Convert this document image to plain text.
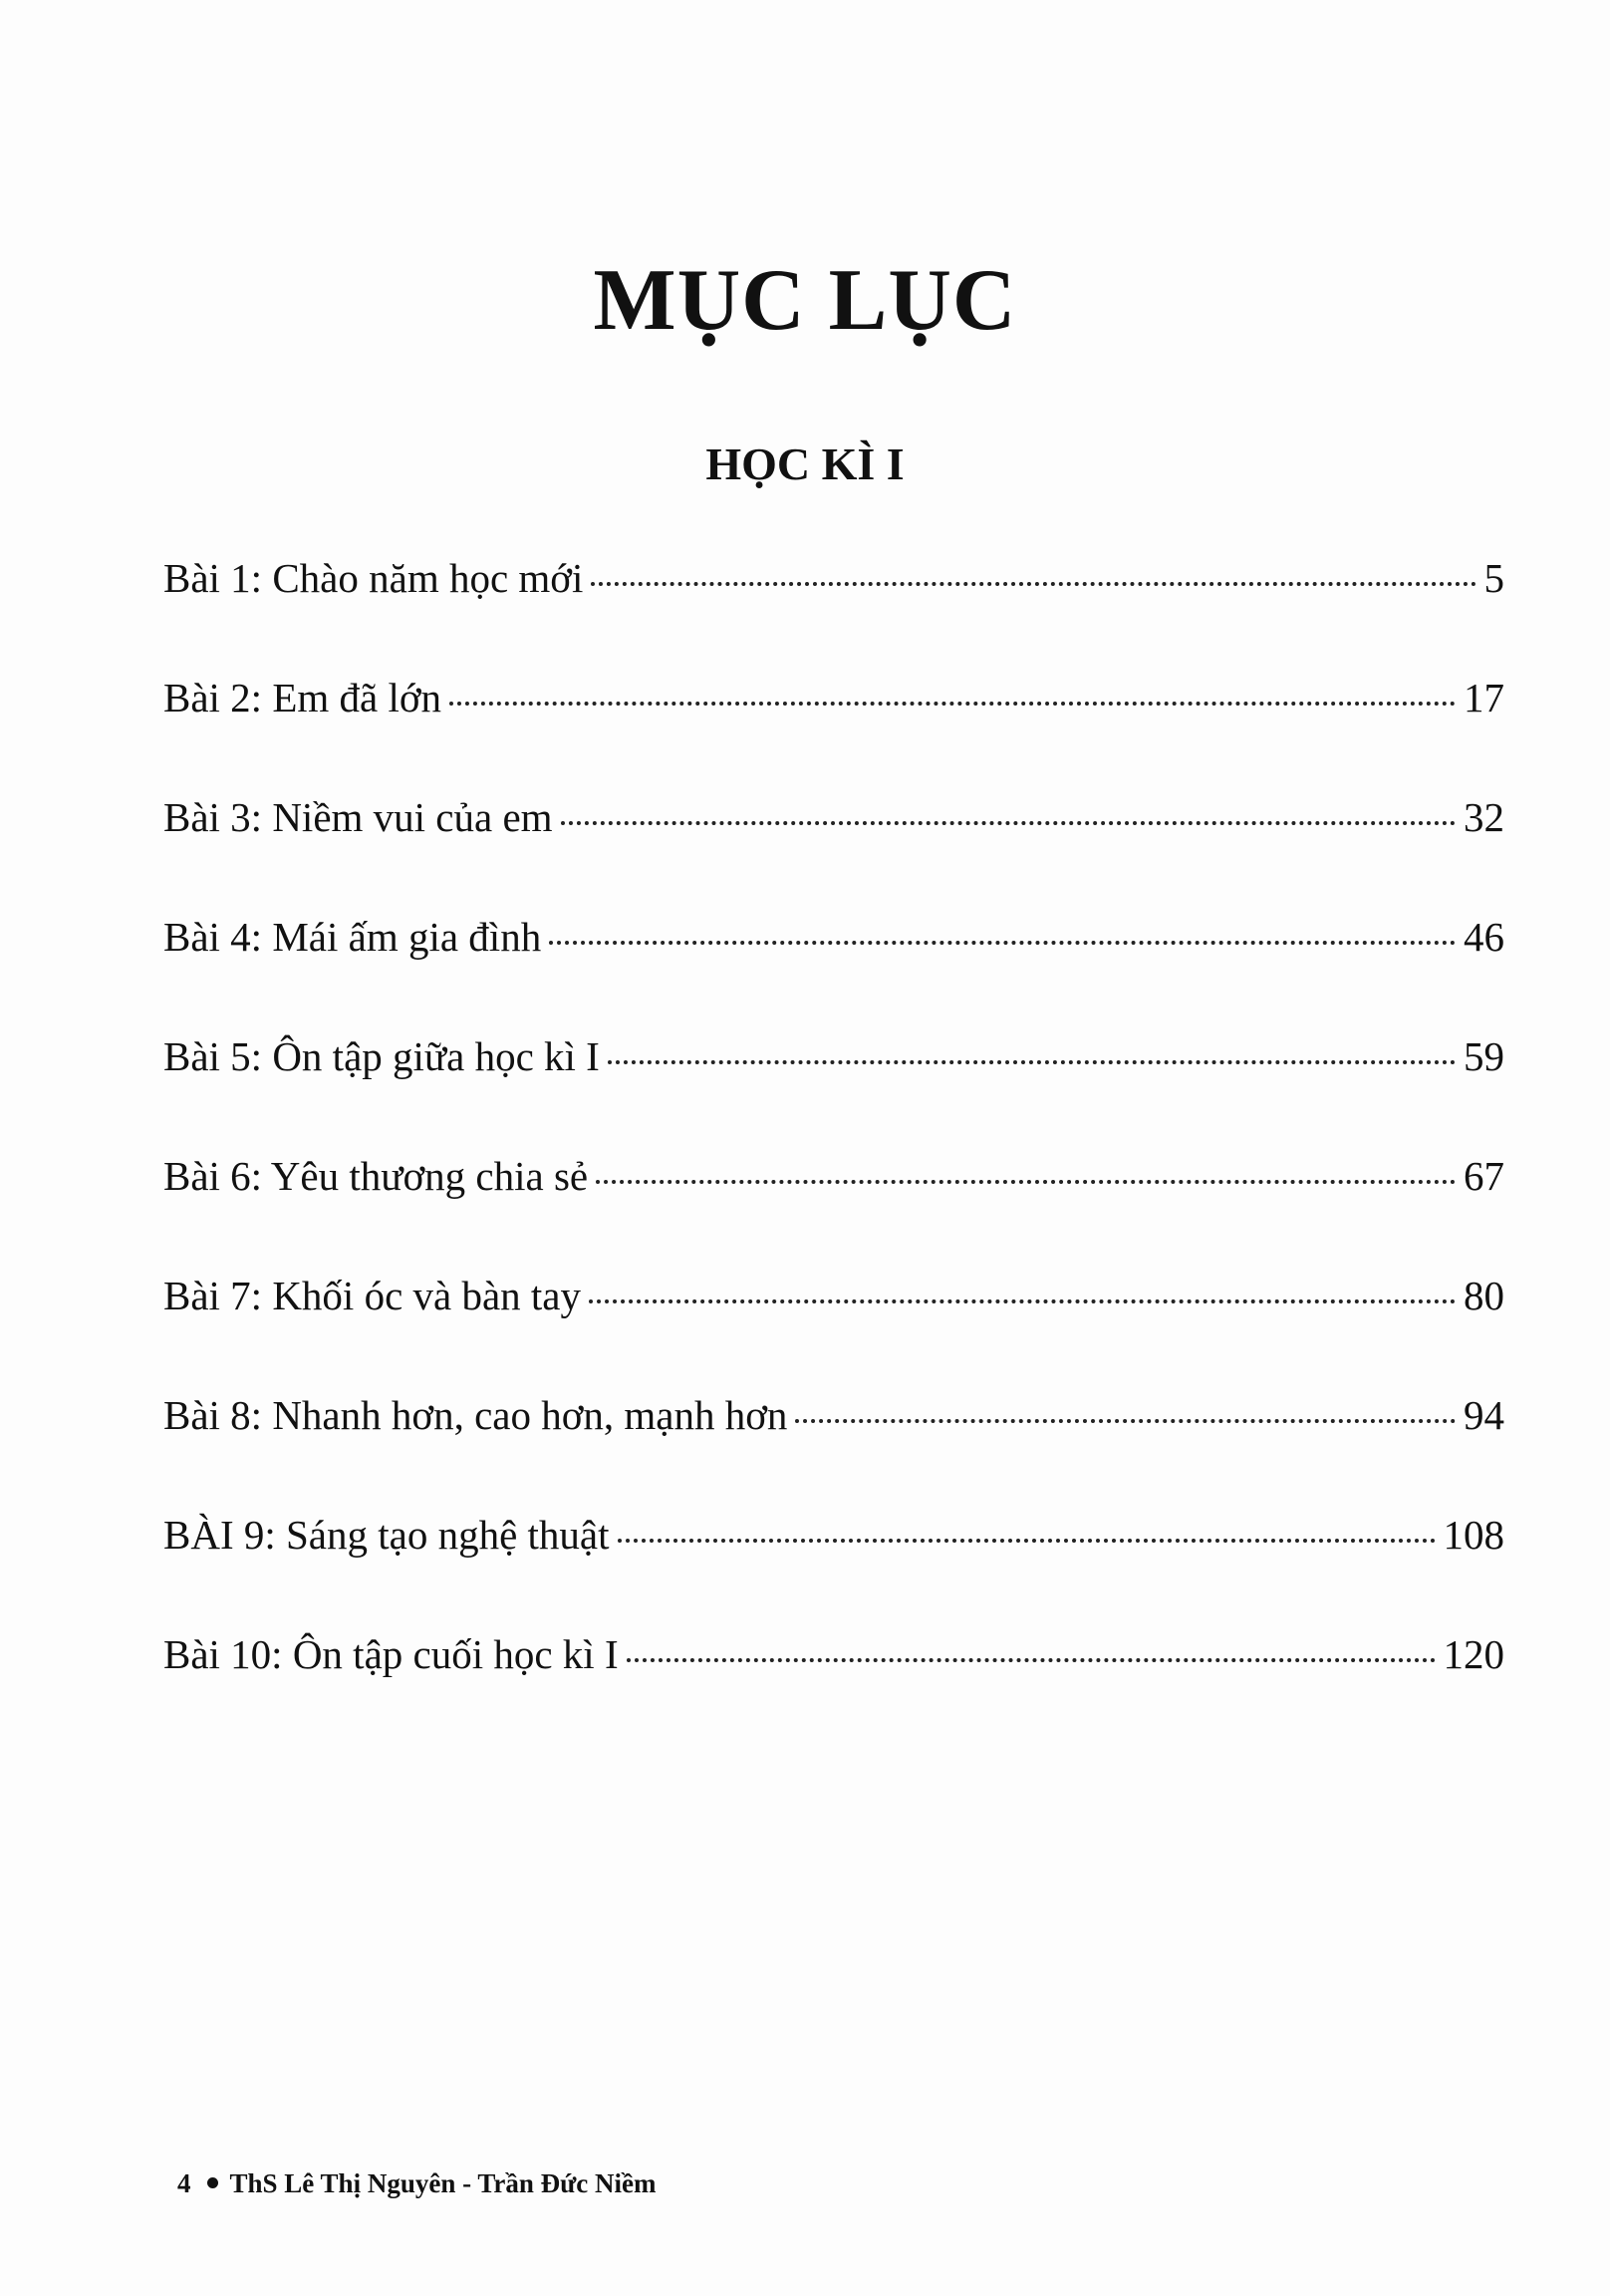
MỤC LỤC
HỌC KÌ I
Bài 1: Chào năm học mới	5
Bài 2: Em đã lớn	17
Bài 3: Niềm vui của em	32
Bài 4: Mái ấm gia đình	46
Bài 5: Ôn tập giữa học kì I	59
Bài 6: Yêu thương chia sẻ	67
Bài 7: Khối óc và bàn tay	80
Bài 8: Nhanh hơn, cao hơn, mạnh hơn	94
BÀI 9: Sáng tạo nghệ thuật	108
Bài 10: Ôn tập cuối học kì I	120
4 ThS Lê Thị Nguyên - Trần Đức Niềm
